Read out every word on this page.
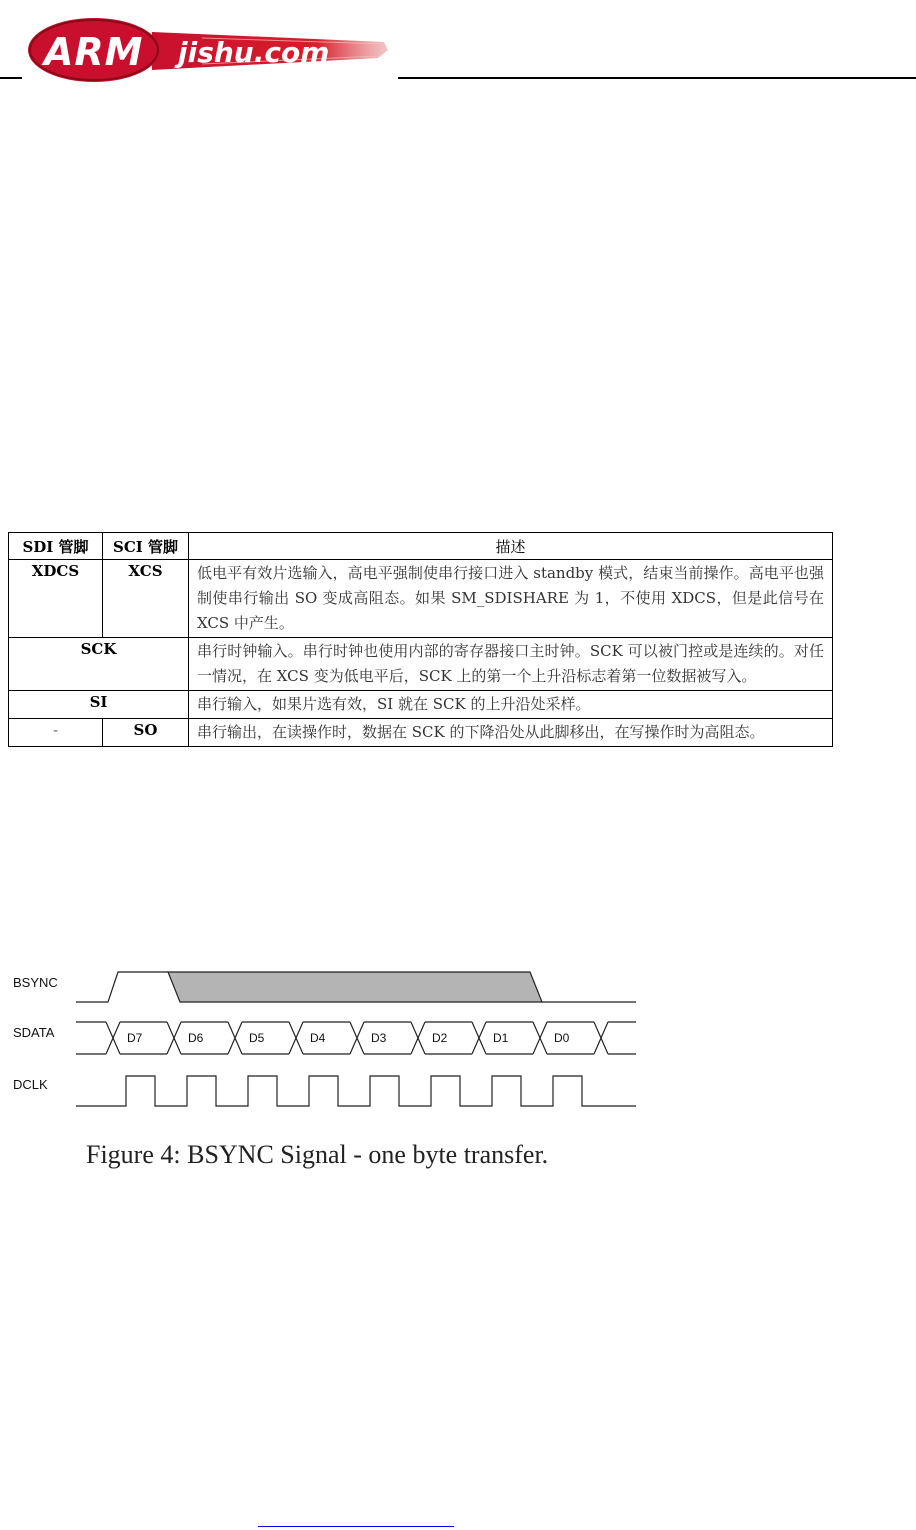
ARM jishu.com
SDI 管脚	SCI 管脚	描述
XDCS	XCS	低电平有效片选输入，高电平强制使串行接口进入 standby 模式，结束当前操作。高电平也强制使串行输出 SO 变成高阻态。如果 SM_SDISHARE 为 1，不使用 XDCS，但是此信号在 XCS 中产生。
SCK		串行时钟输入。串行时钟也使用内部的寄存器接口主时钟。SCK 可以被门控或是连续的。对任一情况，在 XCS 变为低电平后，SCK 上的第一个上升沿标志着第一位数据被写入。
SI		串行输入，如果片选有效，SI 就在 SCK 的上升沿处采样。
-	SO	串行输出，在读操作时，数据在 SCK 的下降沿处从此脚移出，在写操作时为高阻态。
BSYNC
SDATA
DCLK
D7	D6	D5	D4	D3	D2	D1	D0
Figure 4: BSYNC Signal - one byte transfer.
